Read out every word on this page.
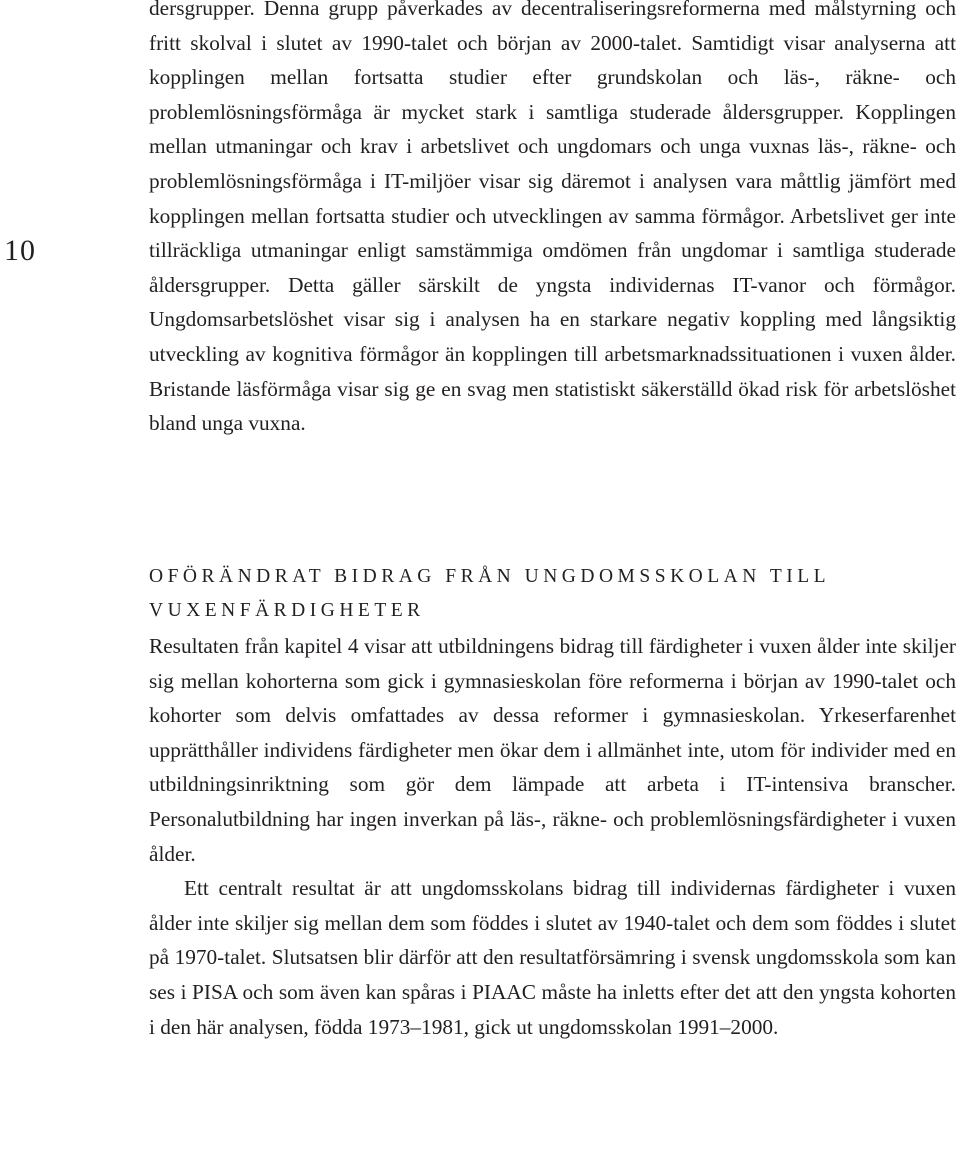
10

dersgrupper. Denna grupp påverkades av decentraliseringsreformerna med målstyrning och fritt skolval i slutet av 1990-talet och början av 2000-talet. Samtidigt visar analyserna att kopplingen mellan fortsatta studier efter grundskolan och läs-, räkne- och problemlösningsförmåga är mycket stark i samtliga studerade åldersgrupper. Kopplingen mellan utmaningar och krav i arbetslivet och ungdomars och unga vuxnas läs-, räkne- och problemlösningsförmåga i IT-miljöer visar sig däremot i analysen vara måttlig jämfört med kopplingen mellan fortsatta studier och utvecklingen av samma förmågor. Arbetslivet ger inte tillräckliga utmaningar enligt samstämmiga omdömen från ungdomar i samtliga studerade åldersgrupper. Detta gäller särskilt de yngsta individernas IT-vanor och förmågor. Ungdomsarbetslöshet visar sig i analysen ha en starkare negativ koppling med långsiktig utveckling av kognitiva förmågor än kopplingen till arbetsmarknadssituationen i vuxen ålder. Bristande läsförmåga visar sig ge en svag men statistiskt säkerställd ökad risk för arbetslöshet bland unga vuxna.

OFÖRÄNDRAT BIDRAG FRÅN UNGDOMSSKOLAN TILL VUXENFÄRDIGHETER

Resultaten från kapitel 4 visar att utbildningens bidrag till färdigheter i vuxen ålder inte skiljer sig mellan kohorterna som gick i gymnasieskolan före reformerna i början av 1990-talet och kohorter som delvis omfattades av dessa reformer i gymnasieskolan. Yrkeserfarenhet upprätthåller individens färdigheter men ökar dem i allmänhet inte, utom för individer med en utbildningsinriktning som gör dem lämpade att arbeta i IT-intensiva branscher. Personalutbildning har ingen inverkan på läs-, räkne- och problemlösningsfärdigheter i vuxen ålder.

Ett centralt resultat är att ungdomsskolans bidrag till individernas färdigheter i vuxen ålder inte skiljer sig mellan dem som föddes i slutet av 1940-talet och dem som föddes i slutet på 1970-talet. Slutsatsen blir därför att den resultatförsämring i svensk ungdomsskola som kan ses i PISA och som även kan spåras i PIAAC måste ha inletts efter det att den yngsta kohorten i den här analysen, födda 1973–1981, gick ut ungdomsskolan 1991–2000.
